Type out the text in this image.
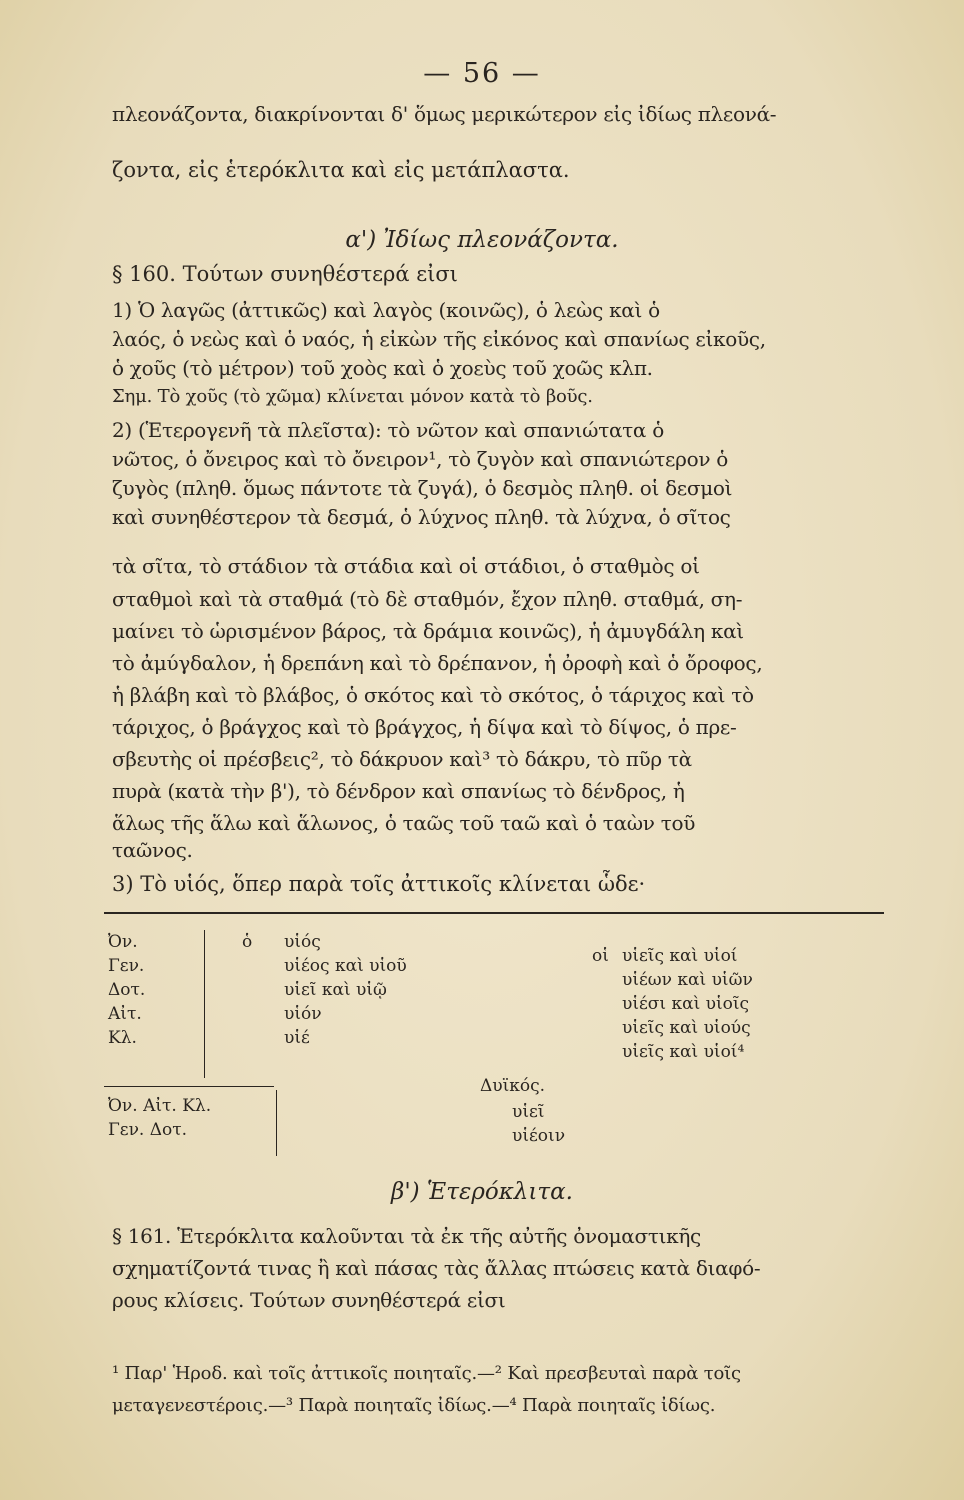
— 56 —
πλεονάζοντα, διακρίνονται δ' ὅμως μερικώτερον εἰς ἰδίως πλεονά-
ζοντα, εἰς ἑτερόκλιτα καὶ εἰς μετάπλαστα.
α') Ἰδίως πλεονάζοντα.
§ 160. Τούτων συνηθέστερά εἰσι
1) Ὁ λαγῶς (ἀττικῶς) καὶ λαγὸς (κοινῶς), ὁ λεὼς καὶ ὁ
λαός, ὁ νεὼς καὶ ὁ ναός, ἡ εἰκὼν τῆς εἰκόνος καὶ σπανίως εἰκοῦς,
ὁ χοῦς (τὸ μέτρον) τοῦ χοὸς καὶ ὁ χοεὺς τοῦ χοῶς κλπ.
Σημ. Τὸ χοῦς (τὸ χῶμα) κλίνεται μόνον κατὰ τὸ βοῦς.
2) (Ἑτερογενῆ τὰ πλεῖστα): τὸ νῶτον καὶ σπανιώτατα ὁ
νῶτος, ὁ ὄνειρος καὶ τὸ ὄνειρον¹, τὸ ζυγὸν καὶ σπανιώτερον ὁ
ζυγὸς (πληθ. ὅμως πάντοτε τὰ ζυγά), ὁ δεσμὸς πληθ. οἱ δεσμοὶ
καὶ συνηθέστερον τὰ δεσμά, ὁ λύχνος πληθ. τὰ λύχνα, ὁ σῖτος
τὰ σῖτα, τὸ στάδιον τὰ στάδια καὶ οἱ στάδιοι, ὁ σταθμὸς οἱ
σταθμοὶ καὶ τὰ σταθμά (τὸ δὲ σταθμόν, ἔχον πληθ. σταθμά, ση-
μαίνει τὸ ὡρισμένον βάρος, τὰ δράμια κοινῶς), ἡ ἀμυγδάλη καὶ
τὸ ἀμύγδαλον, ἡ δρεπάνη καὶ τὸ δρέπανον, ἡ ὀροφὴ καὶ ὁ ὄροφος,
ἡ βλάβη καὶ τὸ βλάβος, ὁ σκότος καὶ τὸ σκότος, ὁ τάριχος καὶ τὸ
τάριχος, ὁ βράγχος καὶ τὸ βράγχος, ἡ δίψα καὶ τὸ δίψος, ὁ πρε-
σβευτὴς οἱ πρέσβεις², τὸ δάκρυον καὶ³ τὸ δάκρυ, τὸ πῦρ τὰ
πυρὰ (κατὰ τὴν β'), τὸ δένδρον καὶ σπανίως τὸ δένδρος, ἡ
ἅλως τῆς ἅλω καὶ ἅλωνος, ὁ ταῶς τοῦ ταῶ καὶ ὁ ταὼν τοῦ
ταῶνος.
3) Τὸ υἱός, ὅπερ παρὰ τοῖς ἀττικοῖς κλίνεται ὧδε·
Ὀν.
Γεν.
Δοτ.
Αἰτ.
Κλ.
ὁ υἱός
υἱέος καὶ υἱοῦ
υἱεῖ καὶ υἱῷ
υἱόν
υἱέ
οἱ υἱεῖς καὶ υἱοί
υἱέων καὶ υἱῶν
υἱέσι καὶ υἱοῖς
υἱεῖς καὶ υἱούς
υἱεῖς καὶ υἱοί⁴
Δυϊκός.
Ὀν. Αἰτ. Κλ.
Γεν. Δοτ.
υἱεῖ
υἱέοιν
β') Ἑτερόκλιτα.
§ 161. Ἑτερόκλιτα καλοῦνται τὰ ἐκ τῆς αὐτῆς ὀνομαστικῆς
σχηματίζοντά τινας ἢ καὶ πάσας τὰς ἄλλας πτώσεις κατὰ διαφό-
ρους κλίσεις. Τούτων συνηθέστερά εἰσι
¹ Παρ' Ἡροδ. καὶ τοῖς ἀττικοῖς ποιηταῖς.—² Καὶ πρεσβευταὶ παρὰ τοῖς
μεταγενεστέροις.—³ Παρὰ ποιηταῖς ἰδίως.—⁴ Παρὰ ποιηταῖς ἰδίως.
